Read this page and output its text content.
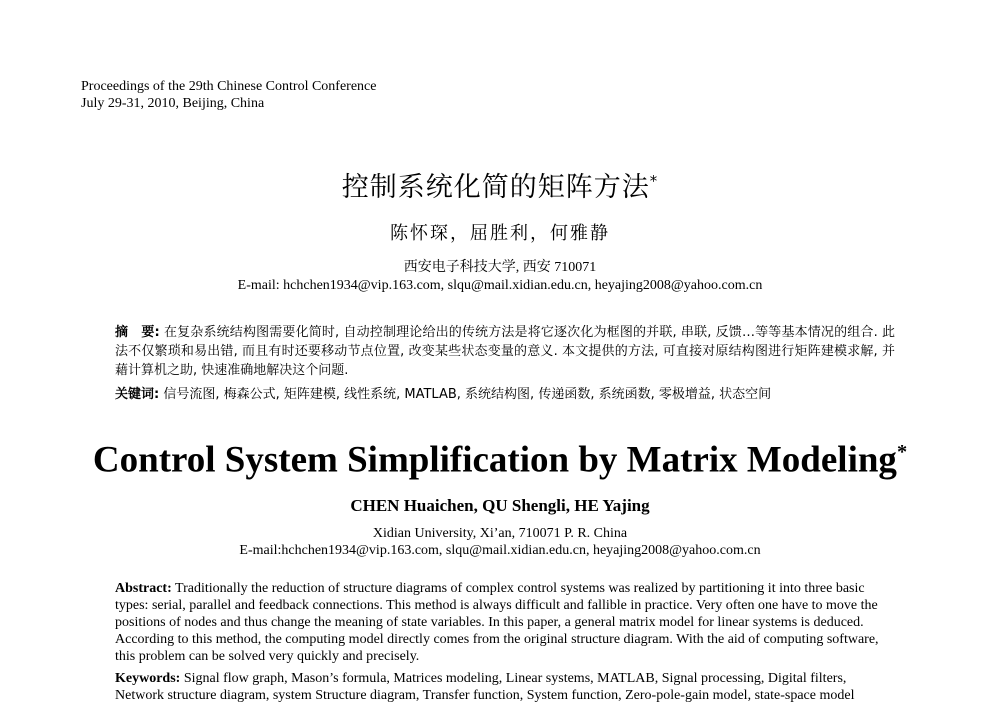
Proceedings of the 29th Chinese Control Conference
July 29-31, 2010, Beijing, China
控制系统化简的矩阵方法*
陈怀琛，屈胜利，何雅静
西安电子科技大学, 西安 710071
E-mail: hchchen1934@vip.163.com, slqu@mail.xidian.edu.cn, heyajing2008@yahoo.com.cn
摘　要: 在复杂系统结构图需要化简时, 自动控制理论给出的传统方法是将它逐次化为框图的并联, 串联, 反馈…等等基本情况的组合. 此法不仅繁琐和易出错, 而且有时还要移动节点位置, 改变某些状态变量的意义. 本文提供的方法, 可直接对原结构图进行矩阵建模求解, 并藉计算机之助, 快速准确地解决这个问题.
关键词: 信号流图, 梅森公式, 矩阵建模, 线性系统, MATLAB, 系统结构图, 传递函数, 系统函数, 零极增益, 状态空间
Control System Simplification by Matrix Modeling*
CHEN Huaichen, QU Shengli, HE Yajing
Xidian University, Xi’an, 710071 P. R. China
E-mail:hchchen1934@vip.163.com, slqu@mail.xidian.edu.cn, heyajing2008@yahoo.com.cn
Abstract: Traditionally the reduction of structure diagrams of complex control systems was realized by partitioning it into three basic types: serial, parallel and feedback connections. This method is always difficult and fallible in practice. Very often one have to move the positions of nodes and thus change the meaning of state variables. In this paper, a general matrix model for linear systems is deduced. According to this method, the computing model directly comes from the original structure diagram. With the aid of computing software, this problem can be solved very quickly and precisely.
Keywords: Signal flow graph, Mason’s formula, Matrices modeling, Linear systems, MATLAB, Signal processing, Digital filters, Network structure diagram, system Structure diagram, Transfer function, System function, Zero-pole-gain model, state-space model
